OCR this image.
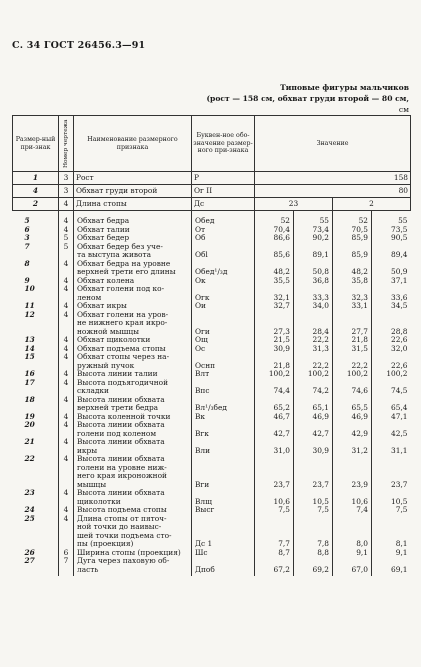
С. 34 ГОСТ 26456.3—91
Типовые фигуры мальчиков
(рост — 158 см, обхват груди второй — 80 см,
см
Размер-ный при-знак	Номер чертежа	Наименование размерного признака	Буквен-ное обо-значение размер-ного при-знака	Значение			
1	3	Рост	Р	158			
4	3	Обхват груди второй	Ог II	80			
2	4	Длина стопы	Дс	23		2	

5	4	Обхват бедра	Обед	52	55	52	55
6	4	Обхват талии	От	70,4	73,4	70,5	73,5
3	5	Обхват бедер	Об	86,6	90,2	85,9	90,5
7	5	Обхват бедер без уче-
та выступа живота	Обl	85,6	89,1	85,9	89,4
8	4	Обхват бедра на уровне
верхней трети его длины	Обед¹/₃д	48,2	50,8	48,2	50,9
9	4	Обхват колена	Ок	35,5	36,8	35,8	37,1
10	4	Обхват голени под ко-
леном	Огк	32,1	33,3	32,3	33,6
11	4	Обхват икры	Ои	32,7	34,0	33,1	34,5
12	4	Обхват голени на уров-
не нижнего края икро-
ножной мышцы	Оги	27,3	28,4	27,7	28,8
13	4	Обхват щиколотки	Ощ	21,5	22,2	21,8	22,6
14	4	Обхват подъема стопы	Ос	30,9	31,3	31,5	32,0
15	4	Обхват стопы через на-
ружный пучок	Оснп	21,8	22,2	22,2	22,6
16	4	Высота линии талии	Влт	100,2	100,2	100,2	100,2
17	4	Высота подъягодичной
складки	Впс	74,4	74,2	74,6	74,5
18	4	Высота линии обхвата
верхней трети бедра	Вл¹/₃бед	65,2	65,1	65,5	65,4
19	4	Высота коленной точки	Вк	46,7	46,9	46,9	47,1
20	4	Высота линии обхвата
голени под коленом	Вгк	42,7	42,7	42,9	42,5
21	4	Высота линии обхвата
икры	Вли	31,0	30,9	31,2	31,1
22	4	Высота линии обхвата
голени на уровне ниж-
него края икроножной
мышцы	Вги	23,7	23,7	23,9	23,7
23	4	Высота линии обхвата
щиколотки	Влщ	10,6	10,5	10,6	10,5
24	4	Высота подъема стопы	Высг	7,5	7,5	7,4	7,5
25	4	Длина стопы от пяточ-
ной точки до наивыс-
шей точки подъема сто-
пы (проекция)	Дс 1	7,7	7,8	8,0	8,1
26	6	Ширина стопы (проекция)	Шс	8,7	8,8	9,1	9,1
27	7	Дуга через паховую об-
ласть	Дпоб	67,2	69,2	67,0	69,1
